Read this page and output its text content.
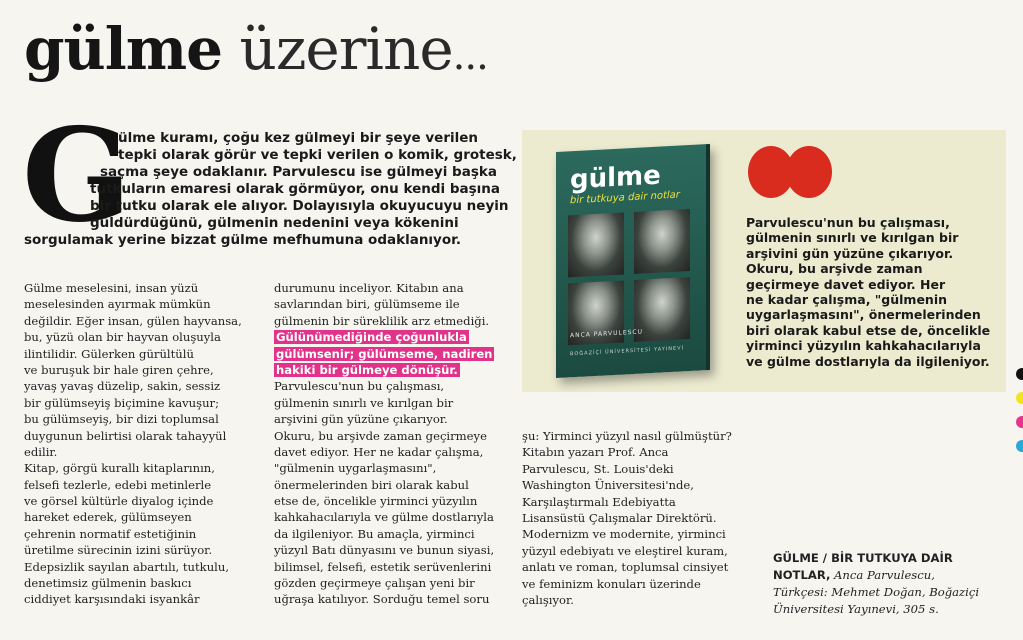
gülme üzerine...
G
ülme kuramı, çoğu kez gülmeyi bir şeye verilen
tepki olarak görür ve tepki verilen o komik, grotesk,
saçma şeye odaklanır. Parvulescu ise gülmeyi başka
tutkuların emaresi olarak görmüyor, onu kendi başına
bir tutku olarak ele alıyor. Dolayısıyla okuyucuyu neyin
güldürdüğünü, gülmenin nedenini veya kökenini
sorgulamak yerine bizzat gülme mefhumuna odaklanıyor.
Gülme meselesini, insan yüzü
meselesinden ayırmak mümkün
değildir. Eğer insan, gülen hayvansa,
bu, yüzü olan bir hayvan oluşuyla
ilintilidir. Gülerken gürültülü
ve buruşuk bir hale giren çehre,
yavaş yavaş düzelip, sakin, sessiz
bir gülümseyiş biçimine kavuşur;
bu gülümseyiş, bir dizi toplumsal
duygunun belirtisi olarak tahayyül
edilir.
Kitap, görgü kurallı kitaplarının,
felsefi tezlerle, edebi metinlerle
ve görsel kültürle diyalog içinde
hareket ederek, gülümseyen
çehrenin normatif estetiğinin
üretilme sürecinin izini sürüyor.
Edepsizlik sayılan abartılı, tutkulu,
denetimsiz gülmenin baskıcı
ciddiyet karşısındaki isyankâr
durumunu inceliyor. Kitabın ana
savlarından biri, gülümseme ile
gülmenin bir süreklilik arz etmediği.
Gülünümediğinde çoğunlukla
gülümsenir; gülümseme, nadiren
hakiki bir gülmeye dönüşür.
Parvulescu'nun bu çalışması,
gülmenin sınırlı ve kırılgan bir
arşivini gün yüzüne çıkarıyor.
Okuru, bu arşivde zaman geçirmeye
davet ediyor. Her ne kadar çalışma,
"gülmenin uygarlaşmasını",
önermelerinden biri olarak kabul
etse de, öncelikle yirminci yüzyılın
kahkahacılarıyla ve gülme dostlarıyla
da ilgileniyor. Bu amaçla, yirminci
yüzyıl Batı dünyasını ve bunun siyasi,
bilimsel, felsefi, estetik serüvenlerini
gözden geçirmeye çalışan yeni bir
uğraşa katılıyor. Sorduğu temel soru
şu: Yirminci yüzyıl nasıl gülmüştür?
Kitabın yazarı Prof. Anca
Parvulescu, St. Louis'deki
Washington Üniversitesi'nde,
Karşılaştırmalı Edebiyatta
Lisansüstü Çalışmalar Direktörü.
Modernizm ve modernite, yirminci
yüzyıl edebiyatı ve eleştirel kuram,
anlatı ve roman, toplumsal cinsiyet
ve feminizm konuları üzerinde
çalışıyor.
gülme
bir tutkuya dair notlar
ANCA PARVULESCU
BOĞAZİÇİ ÜNİVERSİTESİ YAYINEVİ
Parvulescu'nun bu çalışması,
gülmenin sınırlı ve kırılgan bir
arşivini gün yüzüne çıkarıyor.
Okuru, bu arşivde zaman
geçirmeye davet ediyor. Her
ne kadar çalışma, "gülmenin
uygarlaşmasını", önermelerinden
biri olarak kabul etse de, öncelikle
yirminci yüzyılın kahkahacılarıyla
ve gülme dostlarıyla da ilgileniyor.
GÜLME / BİR TUTKUYA DAİR
NOTLAR, Anca Parvulescu,
Türkçesi: Mehmet Doğan, Boğaziçi
Üniversitesi Yayınevi, 305 s.
